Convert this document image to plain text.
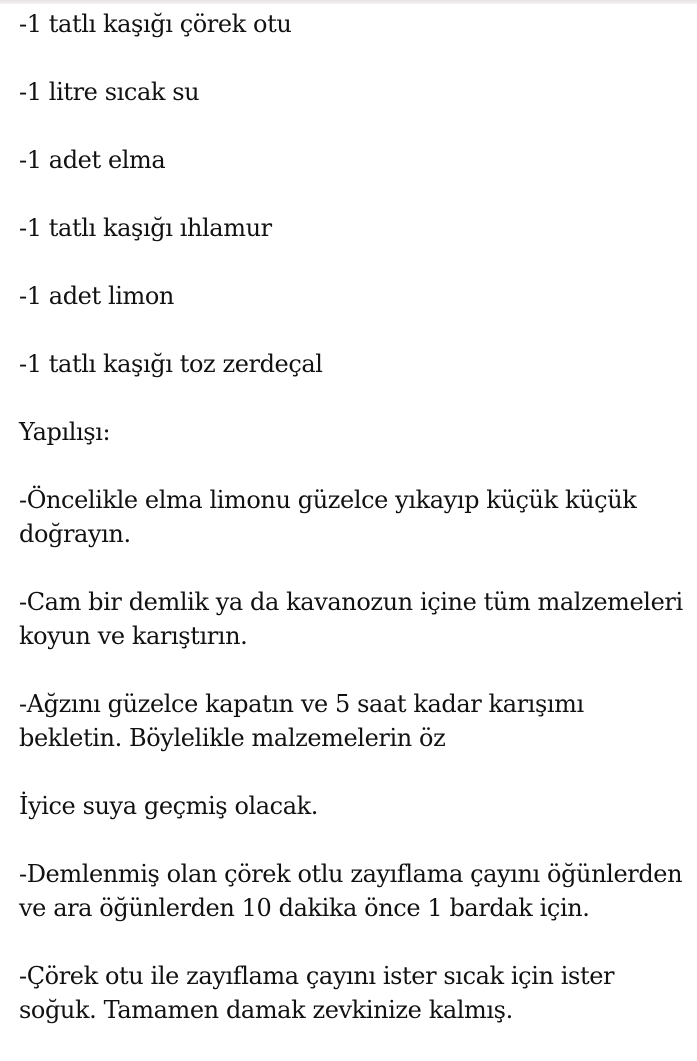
-1 tatlı kaşığı çörek otu

-1 litre sıcak su

-1 adet elma

-1 tatlı kaşığı ıhlamur

-1 adet limon

-1 tatlı kaşığı toz zerdeçal

Yapılışı:

-Öncelikle elma limonu güzelce yıkayıp küçük küçük doğrayın.

-Cam bir demlik ya da kavanozun içine tüm malzemeleri koyun ve karıştırın.

-Ağzını güzelce kapatın ve 5 saat kadar karışımı bekletin. Böylelikle malzemelerin öz

İyice suya geçmiş olacak.

-Demlenmiş olan çörek otlu zayıflama çayını öğünlerden ve ara öğünlerden 10 dakika önce 1 bardak için.

-Çörek otu ile zayıflama çayını ister sıcak için ister soğuk. Tamamen damak zevkinize kalmış.
